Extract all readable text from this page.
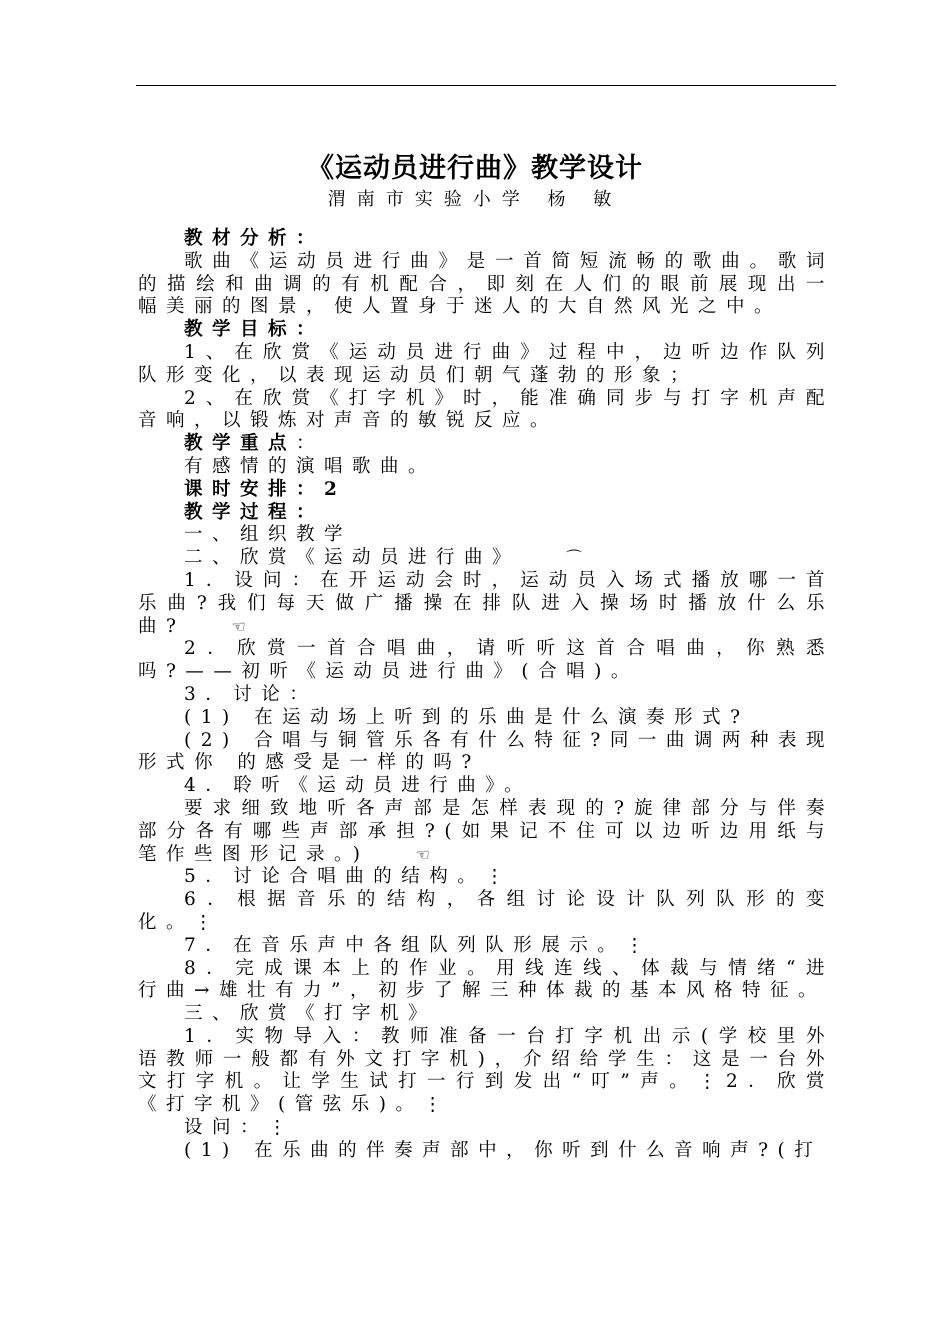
《运动员进行曲》教学设计
渭南市实验小学 杨 敏

教材分析：

歌曲《运动员进行曲》是一首简短流畅的歌曲。歌词的描绘和曲调的有机配合，即刻在人们的眼前展现出一幅美丽的图景，使人置身于迷人的大自然风光之中。

教学目标：

1、在欣赏《运动员进行曲》过程中，边听边作队列队形变化，以表现运动员们朝气蓬勃的形象；

2、在欣赏《打字机》时，能准确同步与打字机声配音响，以锻炼对声音的敏锐反应。

教学重点：

有感情的演唱歌曲。

课时安排：2

教学过程：

一、组织教学

二、欣赏《运动员进行曲》	⌒

1．设问：在开运动会时，运动员入场式播放哪一首乐曲?我们每天做广播操在排队进入操场时播放什么乐曲?	☜

2．欣赏一首合唱曲，请听听这首合唱曲，你熟悉吗?——初听《运动员进行曲》(合唱)。

3．讨论：

(1) 在运动场上听到的乐曲是什么演奏形式?

(2) 合唱与铜管乐各有什么特征?同一曲调两种表现形式你 的感受是一样的吗?

4．聆听《运动员进行曲》。

要求细致地听各声部是怎样表现的?旋律部分与伴奏部分各有哪些声部承担?(如果记不住可以边听边用纸与笔作些图形记录。)	☜

5．讨论合唱曲的结构。⋮

6．根据音乐的结构，各组讨论设计队列队形的变化。⋮

7．在音乐声中各组队列队形展示。⋮

8．完成课本上的作业。用线连线、体裁与情绪“进行曲→雄壮有力”，初步了解三种体裁的基本风格特征。

三、欣赏《打字机》

1．实物导入：教师准备一台打字机出示(学校里外语教师一般都有外文打字机)，介绍给学生：这是一台外文打字机。让学生试打一行到发出“叮”声。⋮2．欣赏《打字机》(管弦乐)。⋮

设问：⋮

(1) 在乐曲的伴奏声部中，你听到什么音响声?(打
